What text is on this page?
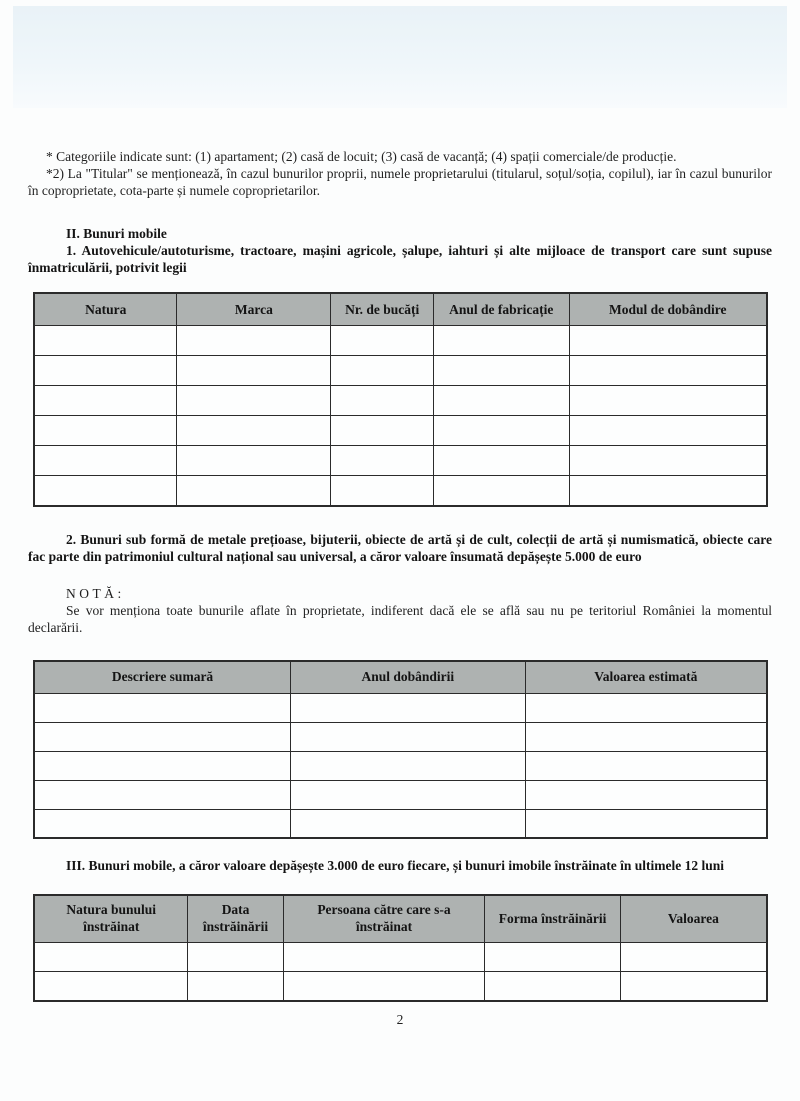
* Categoriile indicate sunt: (1) apartament; (2) casă de locuit; (3) casă de vacanță; (4) spații comerciale/de producție.

*2) La "Titular" se menționează, în cazul bunurilor proprii, numele proprietarului (titularul, soțul/soția, copilul), iar în cazul bunurilor în coproprietate, cota-parte și numele coproprietarilor.

II. Bunuri mobile

1. Autovehicule/autoturisme, tractoare, mașini agricole, șalupe, iahturi și alte mijloace de transport care sunt supuse înmatriculării, potrivit legii

Natura	Marca	Nr. de bucăți	Anul de fabricație	Modul de dobândire

2. Bunuri sub formă de metale prețioase, bijuterii, obiecte de artă și de cult, colecții de artă și numismatică, obiecte care fac parte din patrimoniul cultural național sau universal, a căror valoare însumată depășește 5.000 de euro

NOTĂ:

Se vor menționa toate bunurile aflate în proprietate, indiferent dacă ele se află sau nu pe teritoriul României la momentul declarării.

Descriere sumară	Anul dobândirii	Valoarea estimată

III. Bunuri mobile, a căror valoare depășește 3.000 de euro fiecare, și bunuri imobile înstrăinate în ultimele 12 luni

Natura bunului înstrăinat	Data înstrăinării	Persoana către care s-a înstrăinat	Forma înstrăinării	Valoarea

2
